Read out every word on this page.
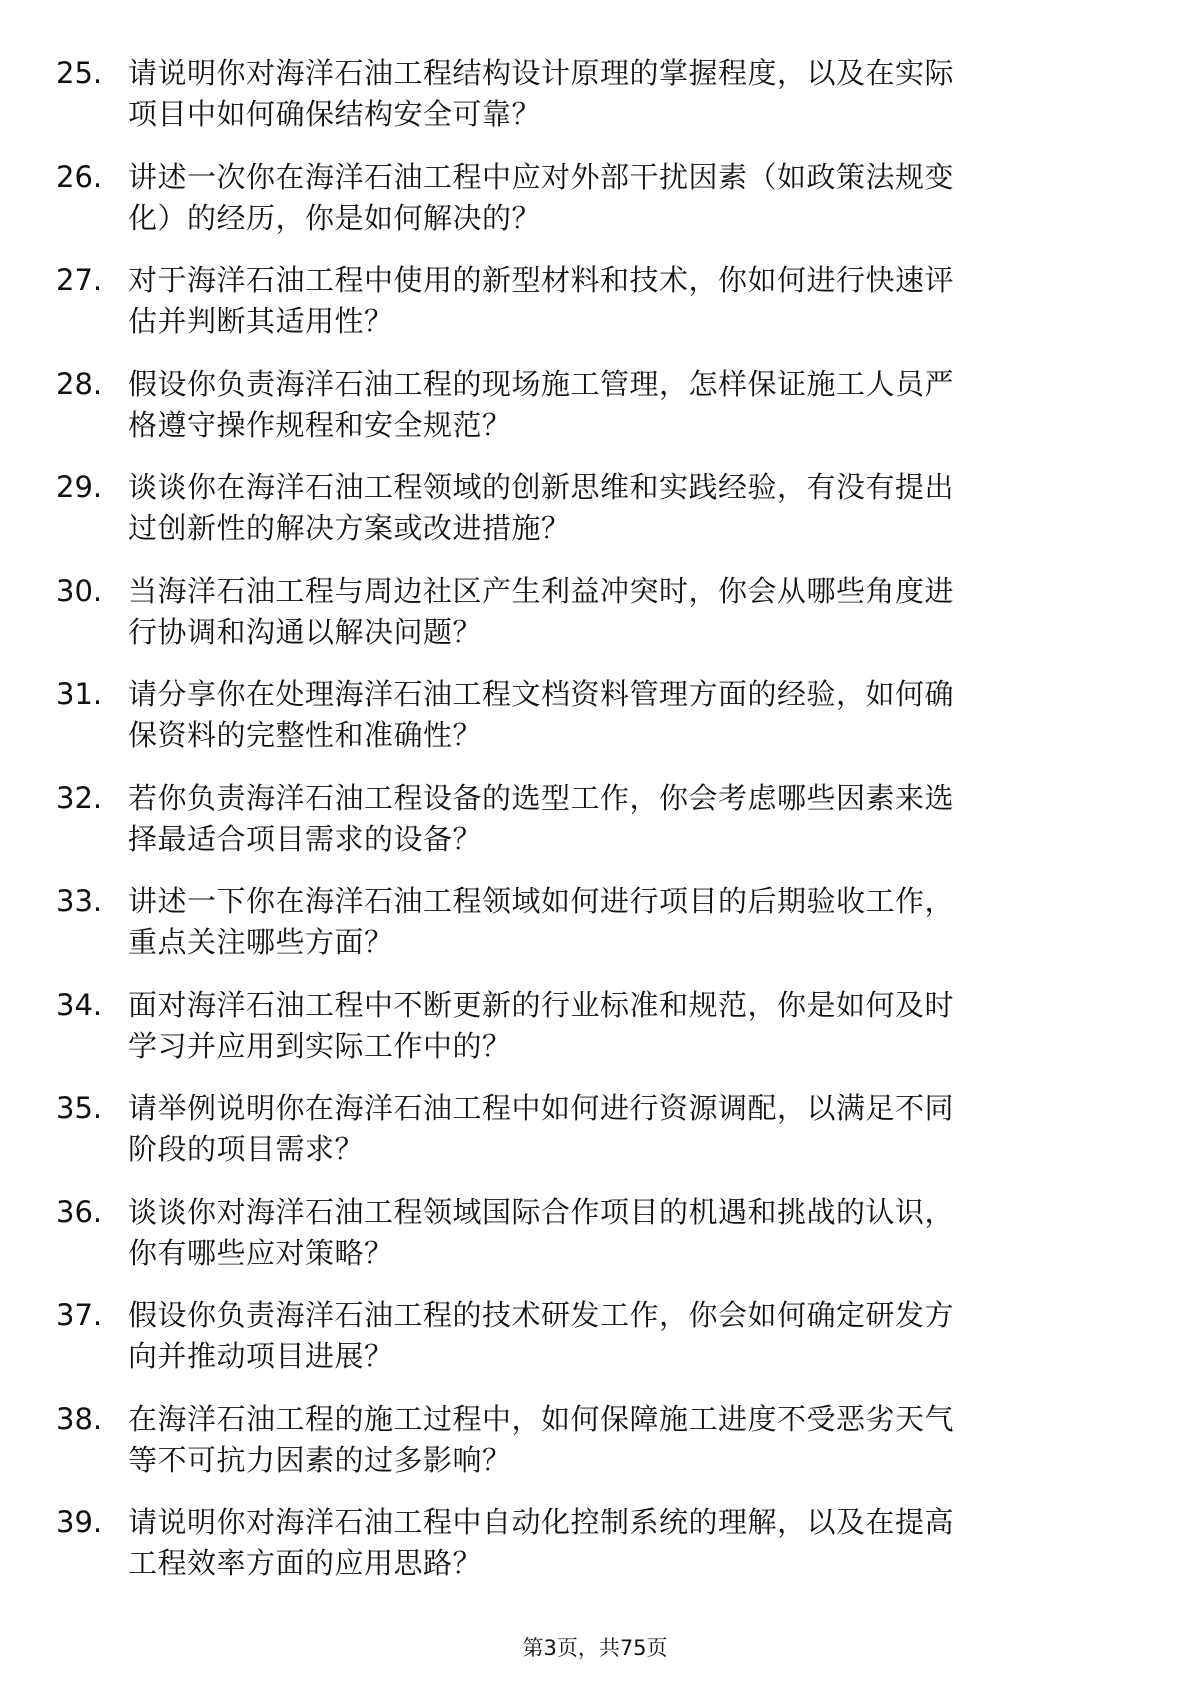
25. 请说明你对海洋石油工程结构设计原理的掌握程度，以及在实际
项目中如何确保结构安全可靠？
26. 讲述一次你在海洋石油工程中应对外部干扰因素（如政策法规变
化）的经历，你是如何解决的？
27. 对于海洋石油工程中使用的新型材料和技术，你如何进行快速评
估并判断其适用性？
28. 假设你负责海洋石油工程的现场施工管理，怎样保证施工人员严
格遵守操作规程和安全规范？
29. 谈谈你在海洋石油工程领域的创新思维和实践经验，有没有提出
过创新性的解决方案或改进措施？
30. 当海洋石油工程与周边社区产生利益冲突时，你会从哪些角度进
行协调和沟通以解决问题？
31. 请分享你在处理海洋石油工程文档资料管理方面的经验，如何确
保资料的完整性和准确性？
32. 若你负责海洋石油工程设备的选型工作，你会考虑哪些因素来选
择最适合项目需求的设备？
33. 讲述一下你在海洋石油工程领域如何进行项目的后期验收工作，
重点关注哪些方面？
34. 面对海洋石油工程中不断更新的行业标准和规范，你是如何及时
学习并应用到实际工作中的？
35. 请举例说明你在海洋石油工程中如何进行资源调配，以满足不同
阶段的项目需求？
36. 谈谈你对海洋石油工程领域国际合作项目的机遇和挑战的认识，
你有哪些应对策略？
37. 假设你负责海洋石油工程的技术研发工作，你会如何确定研发方
向并推动项目进展？
38. 在海洋石油工程的施工过程中，如何保障施工进度不受恶劣天气
等不可抗力因素的过多影响？
39. 请说明你对海洋石油工程中自动化控制系统的理解，以及在提高
工程效率方面的应用思路？
第3页，共75页
